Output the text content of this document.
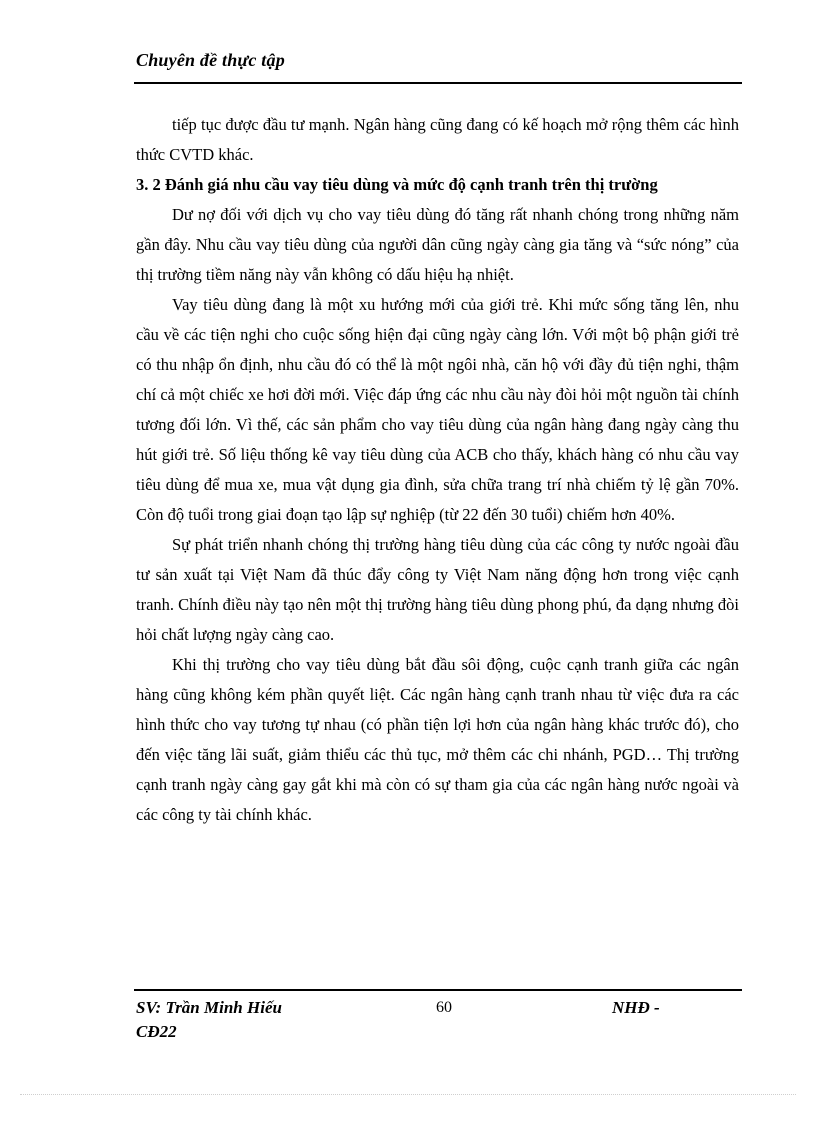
Chuyên đề thực tập

tiếp tục được đầu tư mạnh. Ngân hàng cũng đang có kế hoạch mở rộng thêm các hình thức CVTD khác.

3. 2 Đánh giá nhu cầu vay tiêu dùng và mức độ cạnh tranh trên thị trường

Dư nợ đối với dịch vụ cho vay tiêu dùng đó tăng rất nhanh chóng trong những năm gần đây. Nhu cầu vay tiêu dùng của người dân cũng ngày càng gia tăng và “sức nóng” của thị trường tiềm năng này vẫn không có dấu hiệu hạ nhiệt.

Vay tiêu dùng đang là một xu hướng mới của giới trẻ. Khi mức sống tăng lên, nhu cầu về các tiện nghi cho cuộc sống hiện đại cũng ngày càng lớn. Với một bộ phận giới trẻ có thu nhập ổn định, nhu cầu đó có thể là một ngôi nhà, căn hộ với đầy đủ tiện nghi, thậm chí cả một chiếc xe hơi đời mới. Việc đáp ứng các nhu cầu này đòi hỏi một nguồn tài chính tương đối lớn. Vì thế, các sản phẩm cho vay tiêu dùng của ngân hàng đang ngày càng thu hút giới trẻ. Số liệu thống kê vay tiêu dùng của ACB cho thấy, khách hàng có nhu cầu vay tiêu dùng để mua xe, mua vật dụng gia đình, sửa chữa trang trí nhà chiếm tỷ lệ gần 70%. Còn độ tuổi trong giai đoạn tạo lập sự nghiệp (từ 22 đến 30 tuổi) chiếm hơn 40%.

Sự phát triển nhanh chóng thị trường hàng tiêu dùng của các công ty nước ngoài đầu tư sản xuất tại Việt Nam đã thúc đẩy công ty Việt Nam năng động hơn trong việc cạnh tranh. Chính điều này tạo nên một thị trường hàng tiêu dùng phong phú, đa dạng nhưng đòi hỏi chất lượng ngày càng cao.

Khi thị trường cho vay tiêu dùng bắt đầu sôi động, cuộc cạnh tranh giữa các ngân hàng cũng không kém phần quyết liệt. Các ngân hàng cạnh tranh nhau từ việc đưa ra các hình thức cho vay tương tự nhau (có phần tiện lợi hơn của ngân hàng khác trước đó), cho đến việc tăng lãi suất, giảm thiểu các thủ tục, mở thêm các chi nhánh, PGD… Thị trường cạnh tranh ngày càng gay gắt khi mà còn có sự tham gia của các ngân hàng nước ngoài và các công ty tài chính khác.

SV: Trần Minh Hiếu
CĐ22
60	NHĐ -
